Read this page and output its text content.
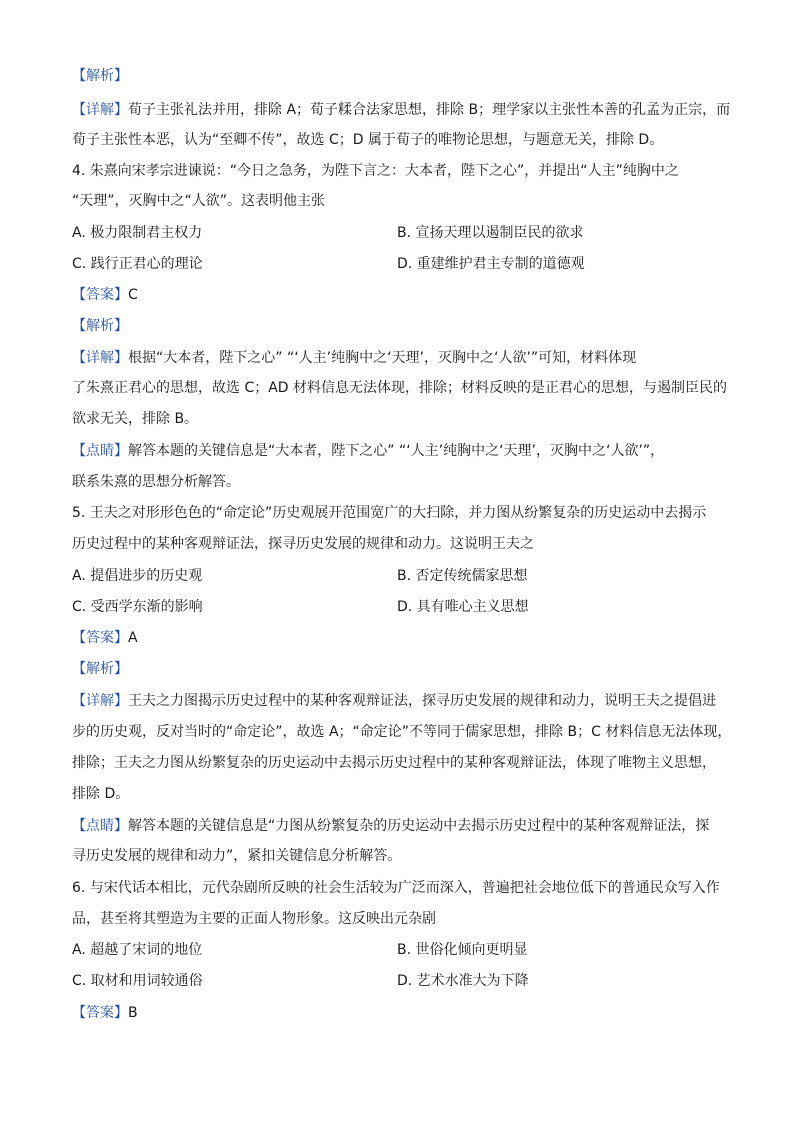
【解析】
【详解】荀子主张礼法并用，排除 A；荀子糅合法家思想，排除 B；理学家以主张性本善的孔孟为正宗，而
荀子主张性本恶，认为“至卿不传”，故选 C；D 属于荀子的唯物论思想，与题意无关，排除 D。
4. 朱熹向宋孝宗进谏说：“今日之急务，为陛下言之：大本者，陛下之心”，并提出“人主”纯胸中之
“天理”，灭胸中之“人欲”。这表明他主张
A. 极力限制君主权力	B. 宣扬天理以遏制臣民的欲求
C. 践行正君心的理论	D. 重建维护君主专制的道德观
【答案】C
【解析】
【详解】根据“大本者，陛下之心” “‘人主’纯胸中之‘天理’，灭胸中之‘人欲’”可知，材料体现
了朱熹正君心的思想，故选 C；AD 材料信息无法体现，排除；材料反映的是正君心的思想，与遏制臣民的
欲求无关，排除 B。
【点睛】解答本题的关键信息是“大本者，陛下之心” “‘人主’纯胸中之‘天理’，灭胸中之‘人欲’”，
联系朱熹的思想分析解答。
5. 王夫之对形形色色的“命定论”历史观展开范围宽广的大扫除，并力图从纷繁复杂的历史运动中去揭示
历史过程中的某种客观辩证法，探寻历史发展的规律和动力。这说明王夫之
A. 提倡进步的历史观	B. 否定传统儒家思想
C. 受西学东渐的影响	D. 具有唯心主义思想
【答案】A
【解析】
【详解】王夫之力图揭示历史过程中的某种客观辩证法，探寻历史发展的规律和动力，说明王夫之提倡进
步的历史观，反对当时的“命定论”，故选 A；“命定论”不等同于儒家思想，排除 B；C 材料信息无法体现，
排除；王夫之力图从纷繁复杂的历史运动中去揭示历史过程中的某种客观辩证法，体现了唯物主义思想，
排除 D。
【点睛】解答本题的关键信息是“力图从纷繁复杂的历史运动中去揭示历史过程中的某种客观辩证法，探
寻历史发展的规律和动力”，紧扣关键信息分析解答。
6. 与宋代话本相比，元代杂剧所反映的社会生活较为广泛而深入，普遍把社会地位低下的普通民众写入作
品，甚至将其塑造为主要的正面人物形象。这反映出元杂剧
A. 超越了宋词的地位	B. 世俗化倾向更明显
C. 取材和用词较通俗	D. 艺术水准大为下降
【答案】B
